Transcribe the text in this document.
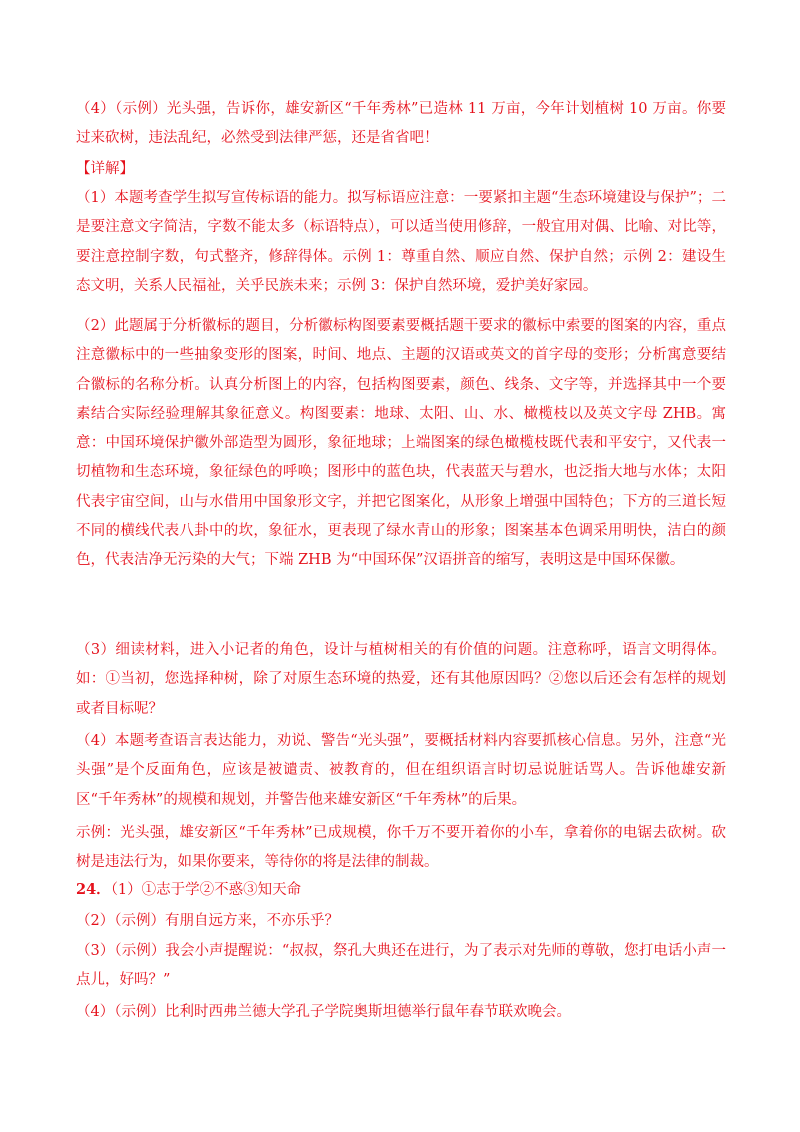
（4）（示例）光头强，告诉你，雄安新区“千年秀林”已造林 11 万亩，今年计划植树 10 万亩。你要过来砍树，违法乱纪，必然受到法律严惩，还是省省吧！
【详解】
（1）本题考查学生拟写宣传标语的能力。拟写标语应注意：一要紧扣主题“生态环境建设与保护”；二是要注意文字简洁，字数不能太多（标语特点），可以适当使用修辞，一般宜用对偶、比喻、对比等，要注意控制字数，句式整齐，修辞得体。示例 1：尊重自然、顺应自然、保护自然；示例 2：建设生态文明，关系人民福祉，关乎民族未来；示例 3：保护自然环境，爱护美好家园。
（2）此题属于分析徽标的题目，分析徽标构图要素要概括题干要求的徽标中索要的图案的内容，重点注意徽标中的一些抽象变形的图案，时间、地点、主题的汉语或英文的首字母的变形；分析寓意要结合徽标的名称分析。认真分析图上的内容，包括构图要素，颜色、线条、文字等，并选择其中一个要素结合实际经验理解其象征意义。构图要素：地球、太阳、山、水、橄榄枝以及英文字母 ZHB。寓意：中国环境保护徽外部造型为圆形，象征地球；上端图案的绿色橄榄枝既代表和平安宁，又代表一切植物和生态环境，象征绿色的呼唤；图形中的蓝色块，代表蓝天与碧水，也泛指大地与水体；太阳代表宇宙空间，山与水借用中国象形文字，并把它图案化，从形象上增强中国特色；下方的三道长短不同的横线代表八卦中的坎，象征水，更表现了绿水青山的形象；图案基本色调采用明快，洁白的颜色，代表洁净无污染的大气；下端 ZHB 为“中国环保”汉语拼音的缩写，表明这是中国环保徽。
（3）细读材料，进入小记者的角色，设计与植树相关的有价值的问题。注意称呼，语言文明得体。如：①当初，您选择种树，除了对原生态环境的热爱，还有其他原因吗？②您以后还会有怎样的规划或者目标呢？
（4）本题考查语言表达能力，劝说、警告“光头强”，要概括材料内容要抓核心信息。另外，注意“光头强”是个反面角色，应该是被谴责、被教育的，但在组织语言时切忌说脏话骂人。告诉他雄安新区“千年秀林”的规模和规划，并警告他来雄安新区“千年秀林”的后果。
示例：光头强，雄安新区“千年秀林”已成规模，你千万不要开着你的小车，拿着你的电锯去砍树。砍树是违法行为，如果你要来，等待你的将是法律的制裁。
24．（1）①志于学②不惑③知天命
（2）（示例）有朋自远方来，不亦乐乎？
（3）（示例）我会小声提醒说：“叔叔，祭孔大典还在进行，为了表示对先师的尊敬，您打电话小声一点儿，好吗？”
（4）（示例）比利时西弗兰德大学孔子学院奥斯坦德举行鼠年春节联欢晚会。
